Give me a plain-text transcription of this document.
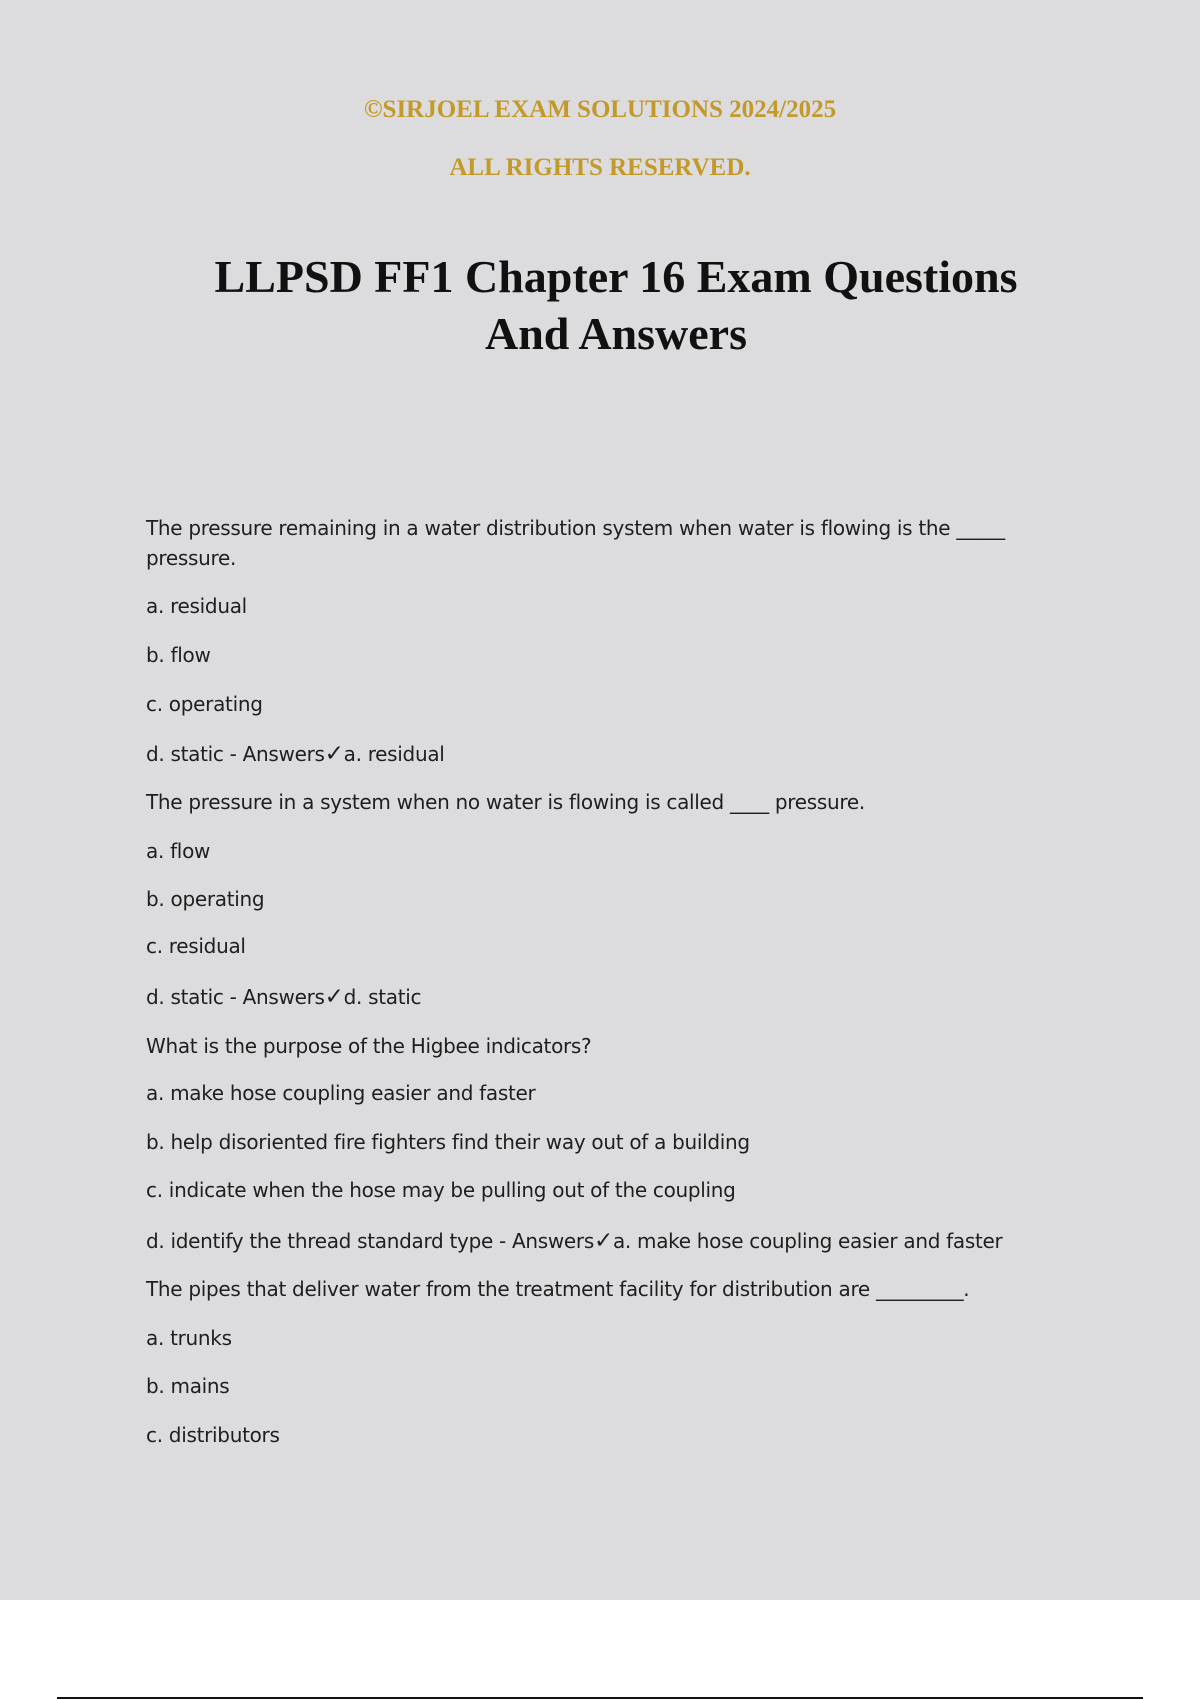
©SIRJOEL EXAM SOLUTIONS 2024/2025
ALL RIGHTS RESERVED.
LLPSD FF1 Chapter 16 Exam Questions
And Answers
The pressure remaining in a water distribution system when water is flowing is the _____
pressure.
a. residual
b. flow
c. operating
d. static - Answers✓a. residual
The pressure in a system when no water is flowing is called ____ pressure.
a. flow
b. operating
c. residual
d. static - Answers✓d. static
What is the purpose of the Higbee indicators?
a. make hose coupling easier and faster
b. help disoriented fire fighters find their way out of a building
c. indicate when the hose may be pulling out of the coupling
d. identify the thread standard type - Answers✓a. make hose coupling easier and faster
The pipes that deliver water from the treatment facility for distribution are _________.
a. trunks
b. mains
c. distributors
